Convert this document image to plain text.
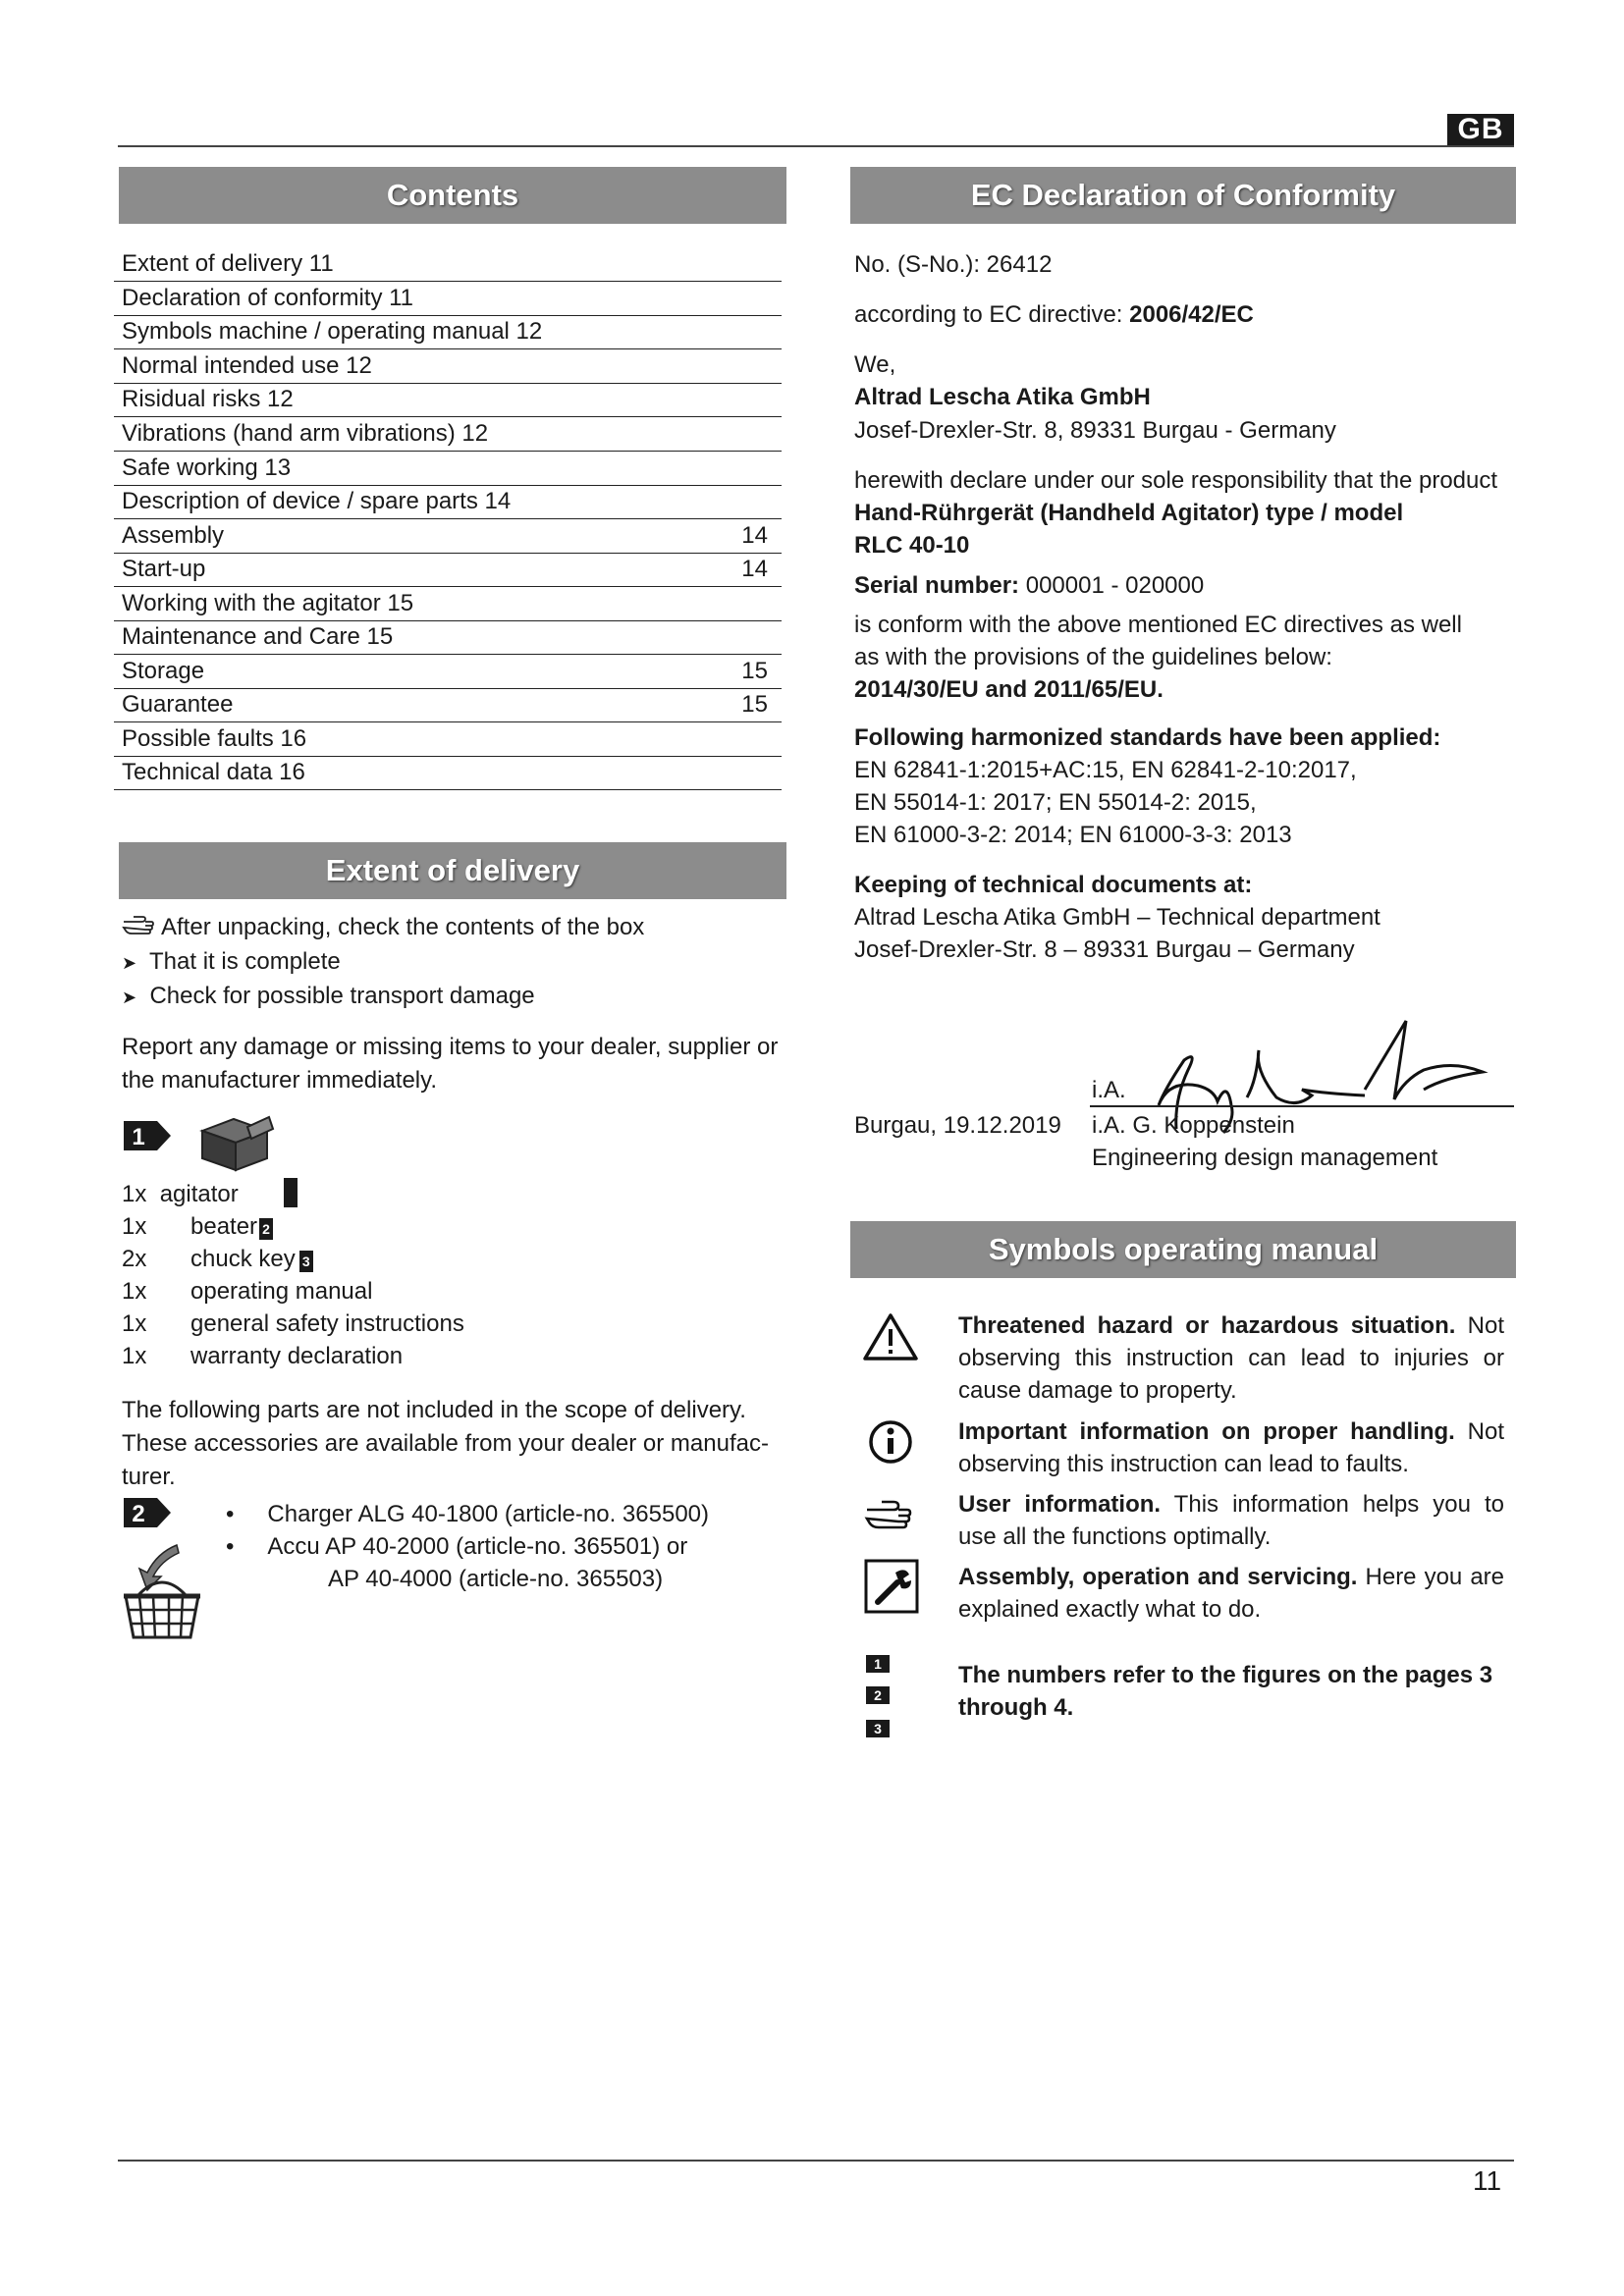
GB
Contents
Extent of delivery 11
Declaration of conformity 11
Symbols machine / operating manual 12
Normal intended use 12
Risidual risks 12
Vibrations (hand arm vibrations) 12
Safe working 13
Description of device / spare parts 14
Assembly	14
Start-up	14
Working with the agitator 15
Maintenance and Care 15
Storage	15
Guarantee	15
Possible faults 16
Technical data 16
Extent of delivery
After unpacking, check the contents of the box
➤ That it is complete
➤ Check for possible transport damage
Report any damage or missing items to your dealer, supplier or the manufacturer immediately.
1
1x agitator
1x beater 2
2x chuck key 3
1x operating manual
1x general safety instructions
1x warranty declaration
The following parts are not included in the scope of delivery. These accessories are available from your dealer or manufac-turer.
2	• Charger ALG 40-1800 (article-no. 365500)
• Accu AP 40-2000 (article-no. 365501) or
AP 40-4000 (article-no. 365503)
EC Declaration of Conformity
No. (S-No.): 26412
according to EC directive: 2006/42/EC
We,
Altrad Lescha Atika GmbH
Josef-Drexler-Str. 8, 89331 Burgau - Germany
herewith declare under our sole responsibility that the product
Hand-Rührgerät (Handheld Agitator) type / model
RLC 40-10
Serial number: 000001 - 020000
is conform with the above mentioned EC directives as well as with the provisions of the guidelines below:
2014/30/EU and 2011/65/EU.
Following harmonized standards have been applied:
EN 62841-1:2015+AC:15, EN 62841-2-10:2017,
EN 55014-1: 2017; EN 55014-2: 2015,
EN 61000-3-2: 2014; EN 61000-3-3: 2013
Keeping of technical documents at:
Altrad Lescha Atika GmbH – Technical department
Josef-Drexler-Str. 8 – 89331 Burgau – Germany
i.A.
Burgau, 19.12.2019 i.A. G. Koppenstein
Engineering design management
Symbols operating manual
Threatened hazard or hazardous situation. Not observing this instruction can lead to injuries or cause damage to property.
Important information on proper handling. Not observing this instruction can lead to faults.
User information. This information helps you to use all the functions optimally.
Assembly, operation and servicing. Here you are explained exactly what to do.
1
2
3
The numbers refer to the figures on the pages 3 through 4.
11
